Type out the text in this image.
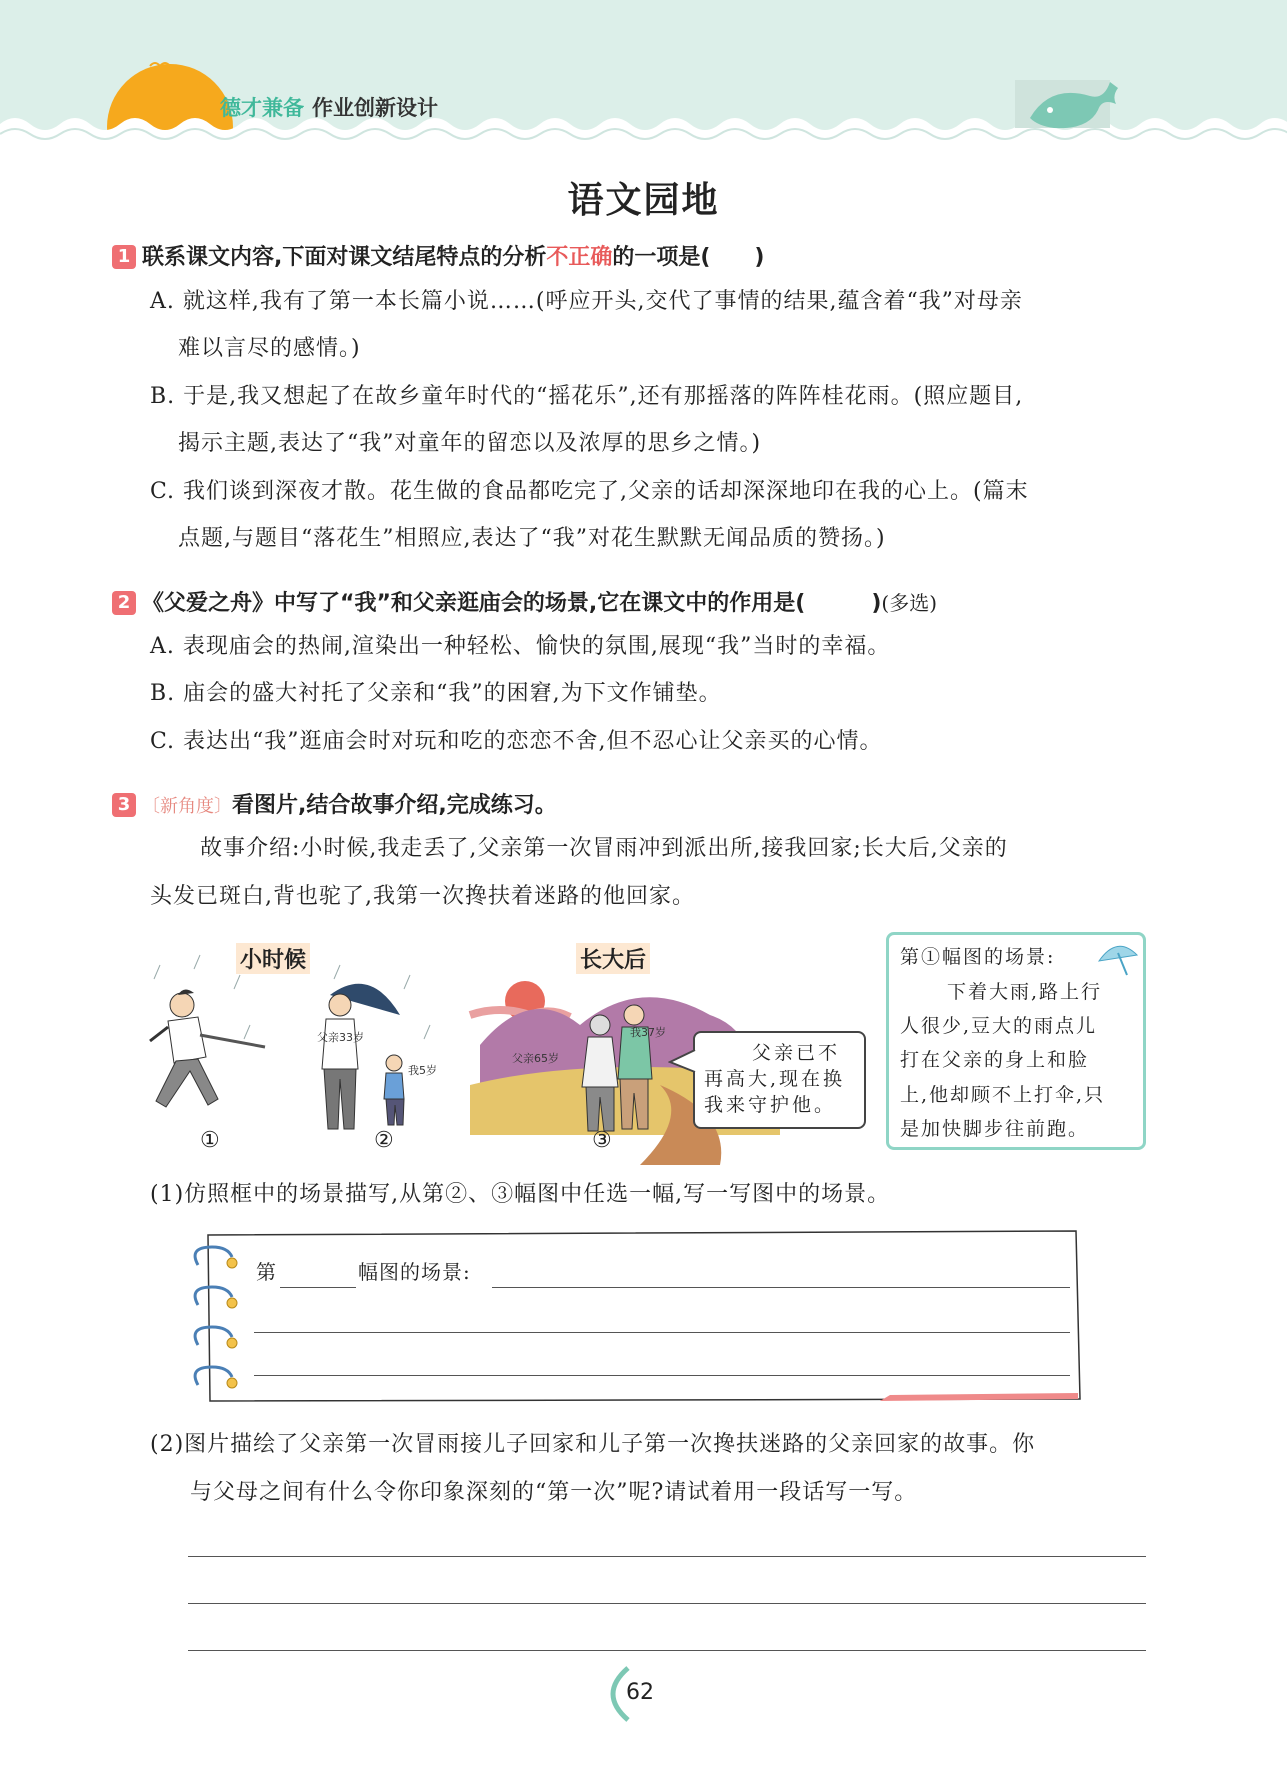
德才兼备 作业创新设计
语文园地
1 联系课文内容,下面对课文结尾特点的分析不正确的一项是(　　)
A. 就这样,我有了第一本长篇小说……(呼应开头,交代了事情的结果,蕴含着“我”对母亲
难以言尽的感情。)
B. 于是,我又想起了在故乡童年时代的“摇花乐”,还有那摇落的阵阵桂花雨。(照应题目,
揭示主题,表达了“我”对童年的留恋以及浓厚的思乡之情。)
C. 我们谈到深夜才散。花生做的食品都吃完了,父亲的话却深深地印在我的心上。(篇末
点题,与题目“落花生”相照应,表达了“我”对花生默默无闻品质的赞扬。)
2 《父爱之舟》中写了“我”和父亲逛庙会的场景,它在课文中的作用是(　　　)(多选)
A. 表现庙会的热闹,渲染出一种轻松、愉快的氛围,展现“我”当时的幸福。
B. 庙会的盛大衬托了父亲和“我”的困窘,为下文作铺垫。
C. 表达出“我”逛庙会时对玩和吃的恋恋不舍,但不忍心让父亲买的心情。
3 〔新角度〕看图片,结合故事介绍,完成练习。
故事介绍:小时候,我走丢了,父亲第一次冒雨冲到派出所,接我回家;长大后,父亲的
头发已斑白,背也驼了,我第一次搀扶着迷路的他回家。
小时候	长大后
父亲33岁
我5岁
父亲65岁
我37岁
①	②	③
父亲已不
再高大,现在换
我来守护他。
第①幅图的场景:
下着大雨,路上行
人很少,豆大的雨点儿
打在父亲的身上和脸
上,他却顾不上打伞,只
是加快脚步往前跑。
(1)仿照框中的场景描写,从第②、③幅图中任选一幅,写一写图中的场景。
第	幅图的场景:
(2)图片描绘了父亲第一次冒雨接儿子回家和儿子第一次搀扶迷路的父亲回家的故事。你
与父母之间有什么令你印象深刻的“第一次”呢?请试着用一段话写一写。
62
